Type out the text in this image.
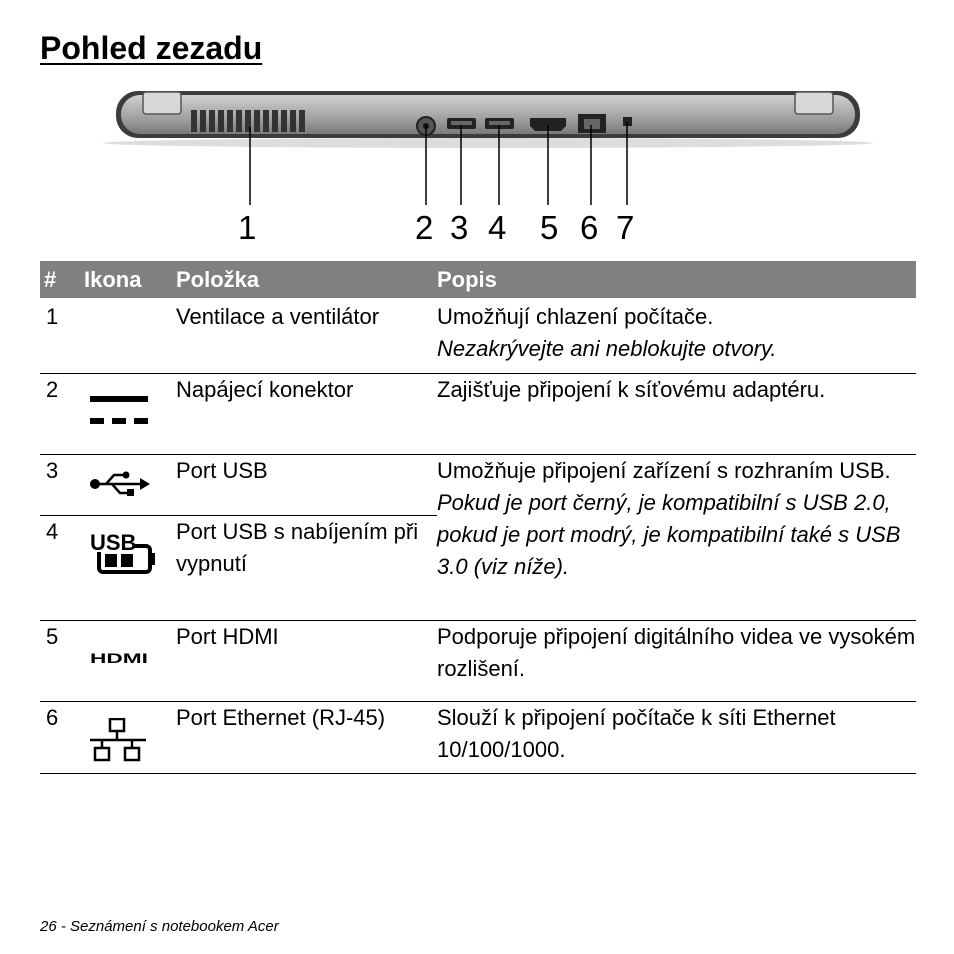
Pohled zezadu
1	2 3 4 5 6 7
#	Ikona	Položka	Popis
1		Ventilace a ventilátor	Umožňují chlazení počítače.
Nezakrývejte ani neblokujte otvory.

2		Napájecí konektor	Zajišťuje připojení k síťovému adaptéru.
3		Port USB	Umožňuje připojení zařízení s rozhraním USB.
Pokud je port černý, je kompatibilní s USB 2.0, pokud je port modrý, je kompatibilní také s USB 3.0 (viz níže).

4	USB	Port USB s nabíjením při vypnutí	
5	HDMI	Port HDMI	Podporuje připojení digitálního videa ve vysokém rozlišení.
6		Port Ethernet (RJ-45)	Slouží k připojení počítače k síti Ethernet 10/100/1000.
26 - Seznámení s notebookem Acer
